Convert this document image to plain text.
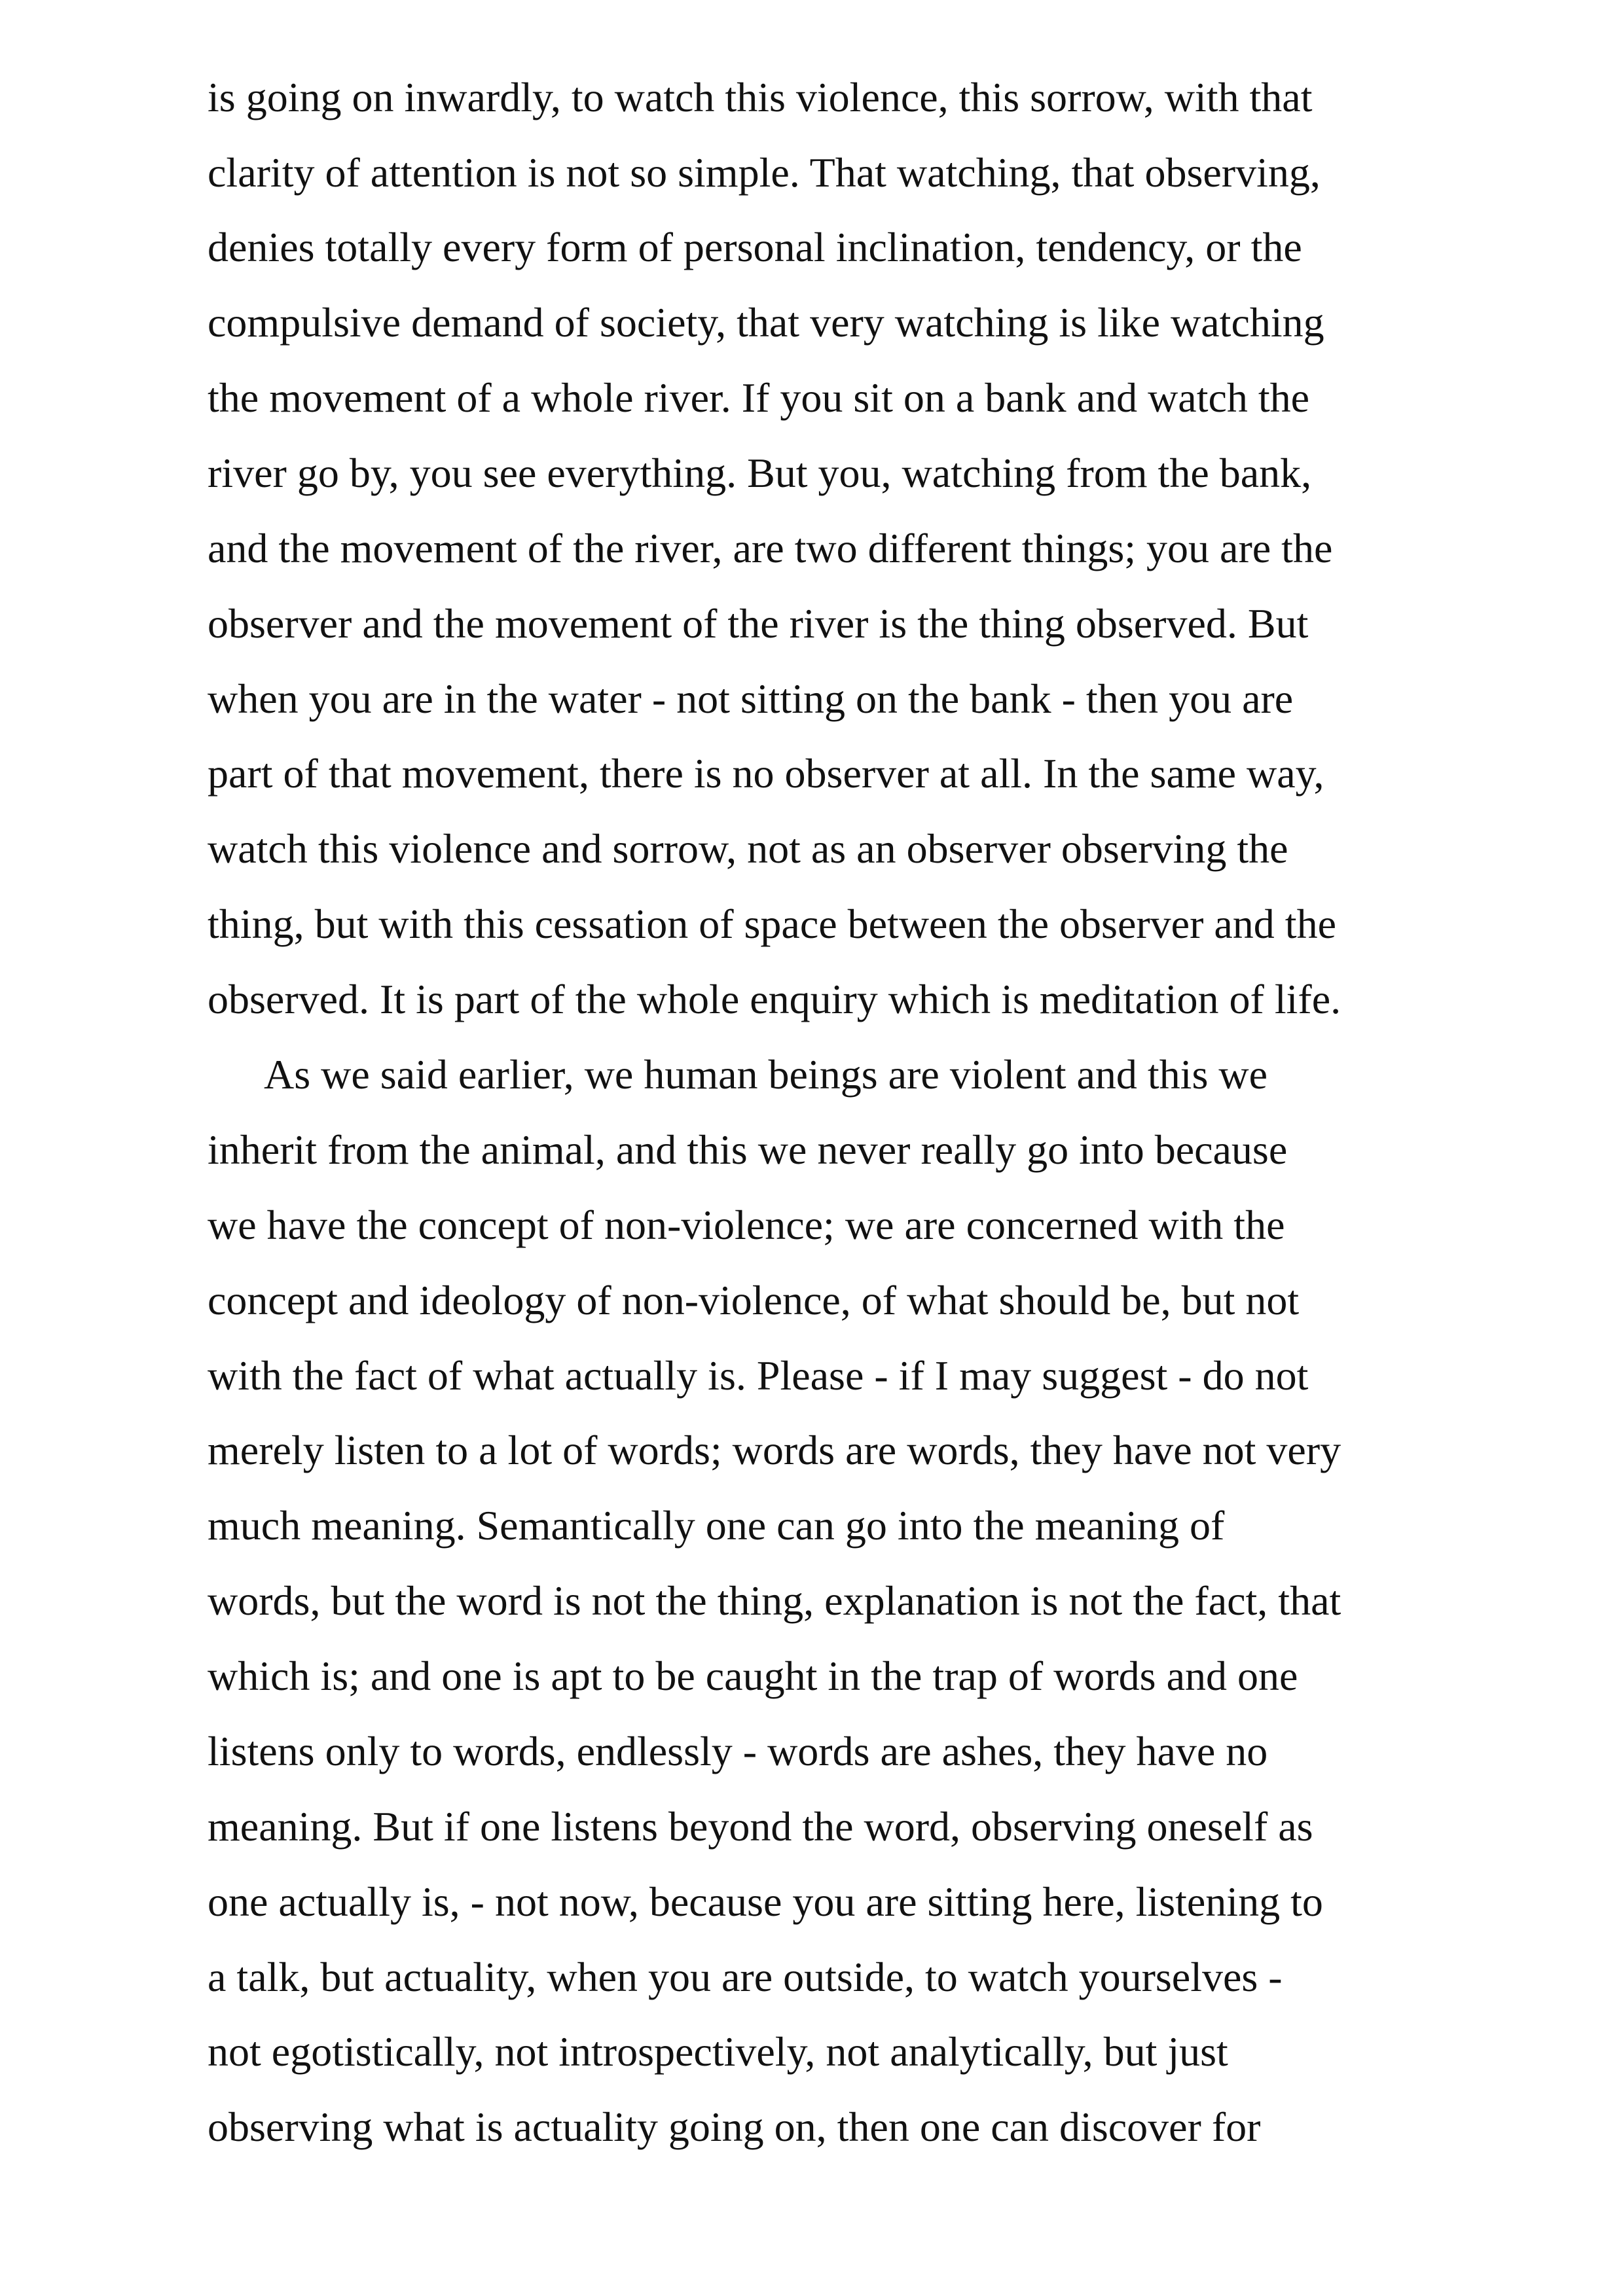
is going on inwardly, to watch this violence, this sorrow, with that
clarity of attention is not so simple. That watching, that observing,
denies totally every form of personal inclination, tendency, or the
compulsive demand of society, that very watching is like watching
the movement of a whole river. If you sit on a bank and watch the
river go by, you see everything. But you, watching from the bank,
and the movement of the river, are two different things; you are the
observer and the movement of the river is the thing observed. But
when you are in the water - not sitting on the bank - then you are
part of that movement, there is no observer at all. In the same way,
watch this violence and sorrow, not as an observer observing the
thing, but with this cessation of space between the observer and the
observed. It is part of the whole enquiry which is meditation of life.
As we said earlier, we human beings are violent and this we
inherit from the animal, and this we never really go into because
we have the concept of non-violence; we are concerned with the
concept and ideology of non-violence, of what should be, but not
with the fact of what actually is. Please - if I may suggest - do not
merely listen to a lot of words; words are words, they have not very
much meaning. Semantically one can go into the meaning of
words, but the word is not the thing, explanation is not the fact, that
which is; and one is apt to be caught in the trap of words and one
listens only to words, endlessly - words are ashes, they have no
meaning. But if one listens beyond the word, observing oneself as
one actually is, - not now, because you are sitting here, listening to
a talk, but actuality, when you are outside, to watch yourselves -
not egotistically, not introspectively, not analytically, but just
observing what is actuality going on, then one can discover for
